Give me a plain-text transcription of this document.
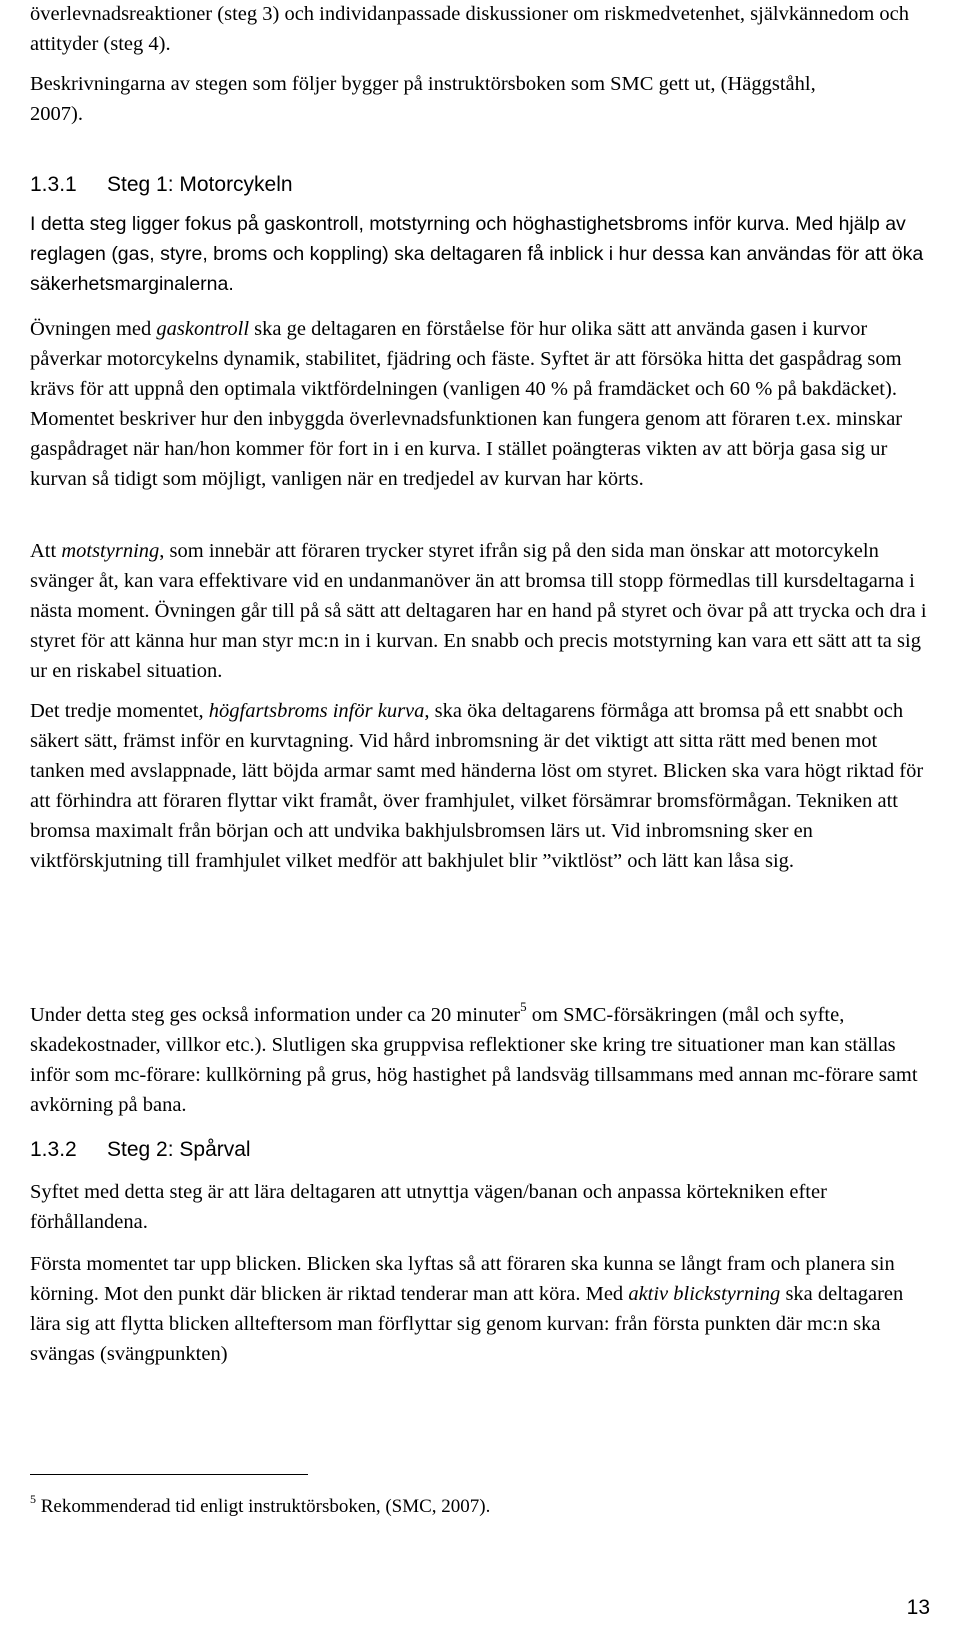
överlevnadsreaktioner (steg 3) och individanpassade diskussioner om riskmedvetenhet, självkännedom och attityder (steg 4).

Beskrivningarna av stegen som följer bygger på instruktörsboken som SMC gett ut, (Häggståhl, 2007).

1.3.1 Steg 1: Motorcykeln

I detta steg ligger fokus på gaskontroll, motstyrning och höghastighetsbroms inför kurva. Med hjälp av reglagen (gas, styre, broms och koppling) ska deltagaren få inblick i hur dessa kan användas för att öka säkerhetsmarginalerna.

Övningen med gaskontroll ska ge deltagaren en förståelse för hur olika sätt att använda gasen i kurvor påverkar motorcykelns dynamik, stabilitet, fjädring och fäste. Syftet är att försöka hitta det gaspådrag som krävs för att uppnå den optimala viktfördelningen (vanligen 40 % på framdäcket och 60 % på bakdäcket). Momentet beskriver hur den inbyggda överlevnadsfunktionen kan fungera genom att föraren t.ex. minskar gaspådraget när han/hon kommer för fort in i en kurva. I stället poängteras vikten av att börja gasa sig ur kurvan så tidigt som möjligt, vanligen när en tredjedel av kurvan har körts.

Att motstyrning, som innebär att föraren trycker styret ifrån sig på den sida man önskar att motorcykeln svänger åt, kan vara effektivare vid en undanmanöver än att bromsa till stopp förmedlas till kursdeltagarna i nästa moment. Övningen går till på så sätt att deltagaren har en hand på styret och övar på att trycka och dra i styret för att känna hur man styr mc:n in i kurvan. En snabb och precis motstyrning kan vara ett sätt att ta sig ur en riskabel situation.

Det tredje momentet, högfartsbroms inför kurva, ska öka deltagarens förmåga att bromsa på ett snabbt och säkert sätt, främst inför en kurvtagning. Vid hård inbromsning är det viktigt att sitta rätt med benen mot tanken med avslappnade, lätt böjda armar samt med händerna löst om styret. Blicken ska vara högt riktad för att förhindra att föraren flyttar vikt framåt, över framhjulet, vilket försämrar bromsförmågan. Tekniken att bromsa maximalt från början och att undvika bakhjulsbromsen lärs ut. Vid inbromsning sker en viktförskjutning till framhjulet vilket medför att bakhjulet blir ”viktlöst” och lätt kan låsa sig.

Under detta steg ges också information under ca 20 minuter$^5$ om SMC-försäkringen (mål och syfte, skadekostnader, villkor etc.). Slutligen ska gruppvisa reflektioner ske kring tre situationer man kan ställas inför som mc-förare: kullkörning på grus, hög hastighet på landsväg tillsammans med annan mc-förare samt avkörning på bana.

1.3.2 Steg 2: Spårval

Syftet med detta steg är att lära deltagaren att utnyttja vägen/banan och anpassa körtekniken efter förhållandena.

Första momentet tar upp blicken. Blicken ska lyftas så att föraren ska kunna se långt fram och planera sin körning. Mot den punkt där blicken är riktad tenderar man att köra. Med aktiv blickstyrning ska deltagaren lära sig att flytta blicken allteftersom man förflyttar sig genom kurvan: från första punkten där mc:n ska svängas (svängpunkten)

$^5$ Rekommenderad tid enligt instruktörsboken, (SMC, 2007).
13
